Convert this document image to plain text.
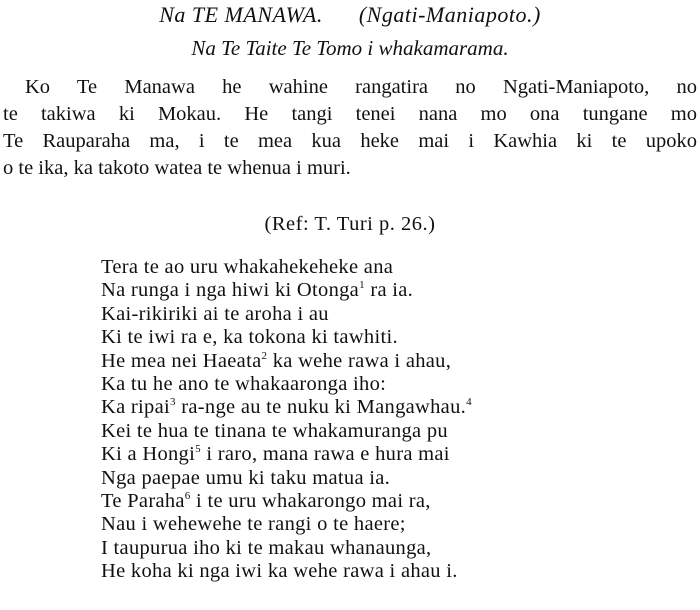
Na TE MANAWA. (Ngati-Maniapoto.)
Na Te Taite Te Tomo i whakamarama.
Ko Te Manawa he wahine rangatira no Ngati-Maniapoto, no
te takiwa ki Mokau. He tangi tenei nana mo ona tungane mo
Te Rauparaha ma, i te mea kua heke mai i Kawhia ki te upoko
o te ika, ka takoto watea te whenua i muri.
(Ref: T. Turi p. 26.)
Tera te ao uru whakahekeheke ana
Na runga i nga hiwi ki Otonga$^1$ ra ia.
Kai-rikiriki ai te aroha i au
Ki te iwi ra e, ka tokona ki tawhiti.
He mea nei Haeata$^2$ ka wehe rawa i ahau,
Ka tu he ano te whakaaronga iho:
Ka ripai$^3$ ra-nge au te nuku ki Mangawhau.$^4$
Kei te hua te tinana te whakamuranga pu
Ki a Hongi$^5$ i raro, mana rawa e hura mai
Nga paepae umu ki taku matua ia.
Te Paraha$^6$ i te uru whakarongo mai ra,
Nau i wehewehe te rangi o te haere;
I taupurua iho ki te makau whanaunga,
He koha ki nga iwi ka wehe rawa i ahau i.
